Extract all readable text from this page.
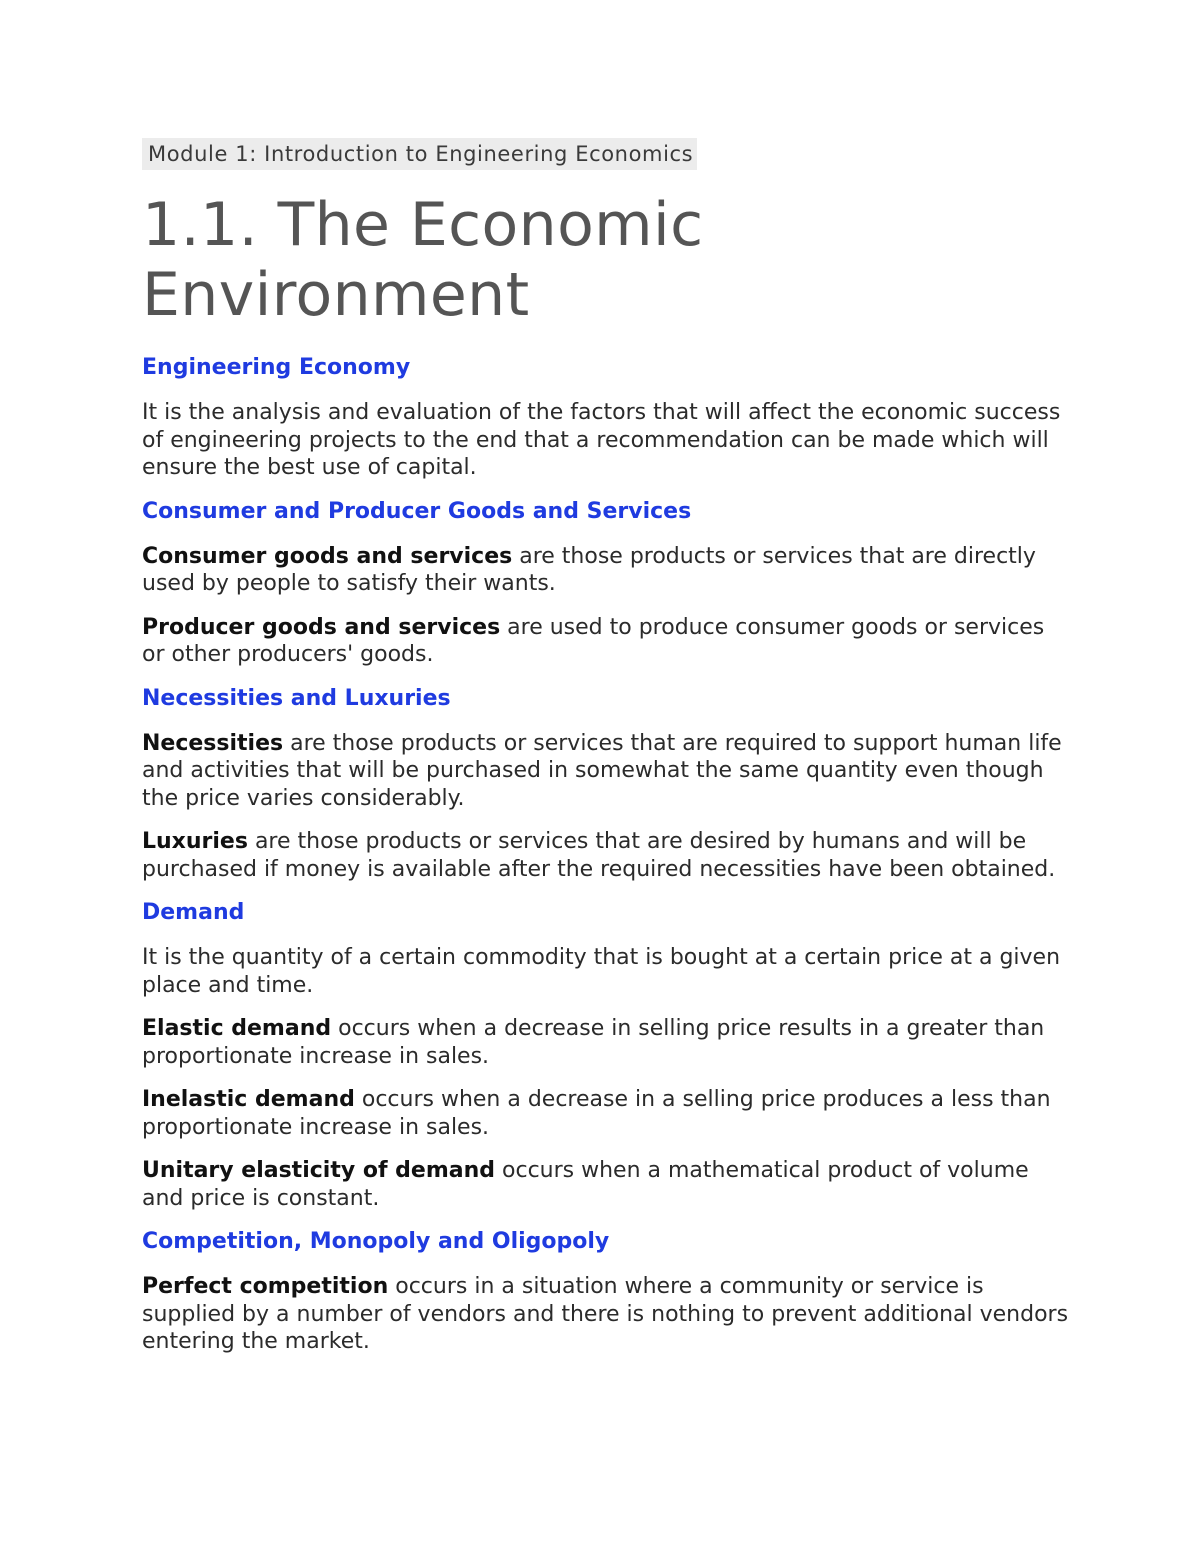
Module 1: Introduction to Engineering Economics
1.1. The Economic
Environment
Engineering Economy

It is the analysis and evaluation of the factors that will affect the economic success of engineering projects to the end that a recommendation can be made which will ensure the best use of capital.

Consumer and Producer Goods and Services

Consumer goods and services are those products or services that are directly used by people to satisfy their wants.

Producer goods and services are used to produce consumer goods or services or other producers' goods.

Necessities and Luxuries

Necessities are those products or services that are required to support human life and activities that will be purchased in somewhat the same quantity even though the price varies considerably.

Luxuries are those products or services that are desired by humans and will be purchased if money is available after the required necessities have been obtained.

Demand

It is the quantity of a certain commodity that is bought at a certain price at a given place and time.

Elastic demand occurs when a decrease in selling price results in a greater than proportionate increase in sales.

Inelastic demand occurs when a decrease in a selling price produces a less than proportionate increase in sales.

Unitary elasticity of demand occurs when a mathematical product of volume and price is constant.

Competition, Monopoly and Oligopoly

Perfect competition occurs in a situation where a community or service is supplied by a number of vendors and there is nothing to prevent additional vendors entering the market.
